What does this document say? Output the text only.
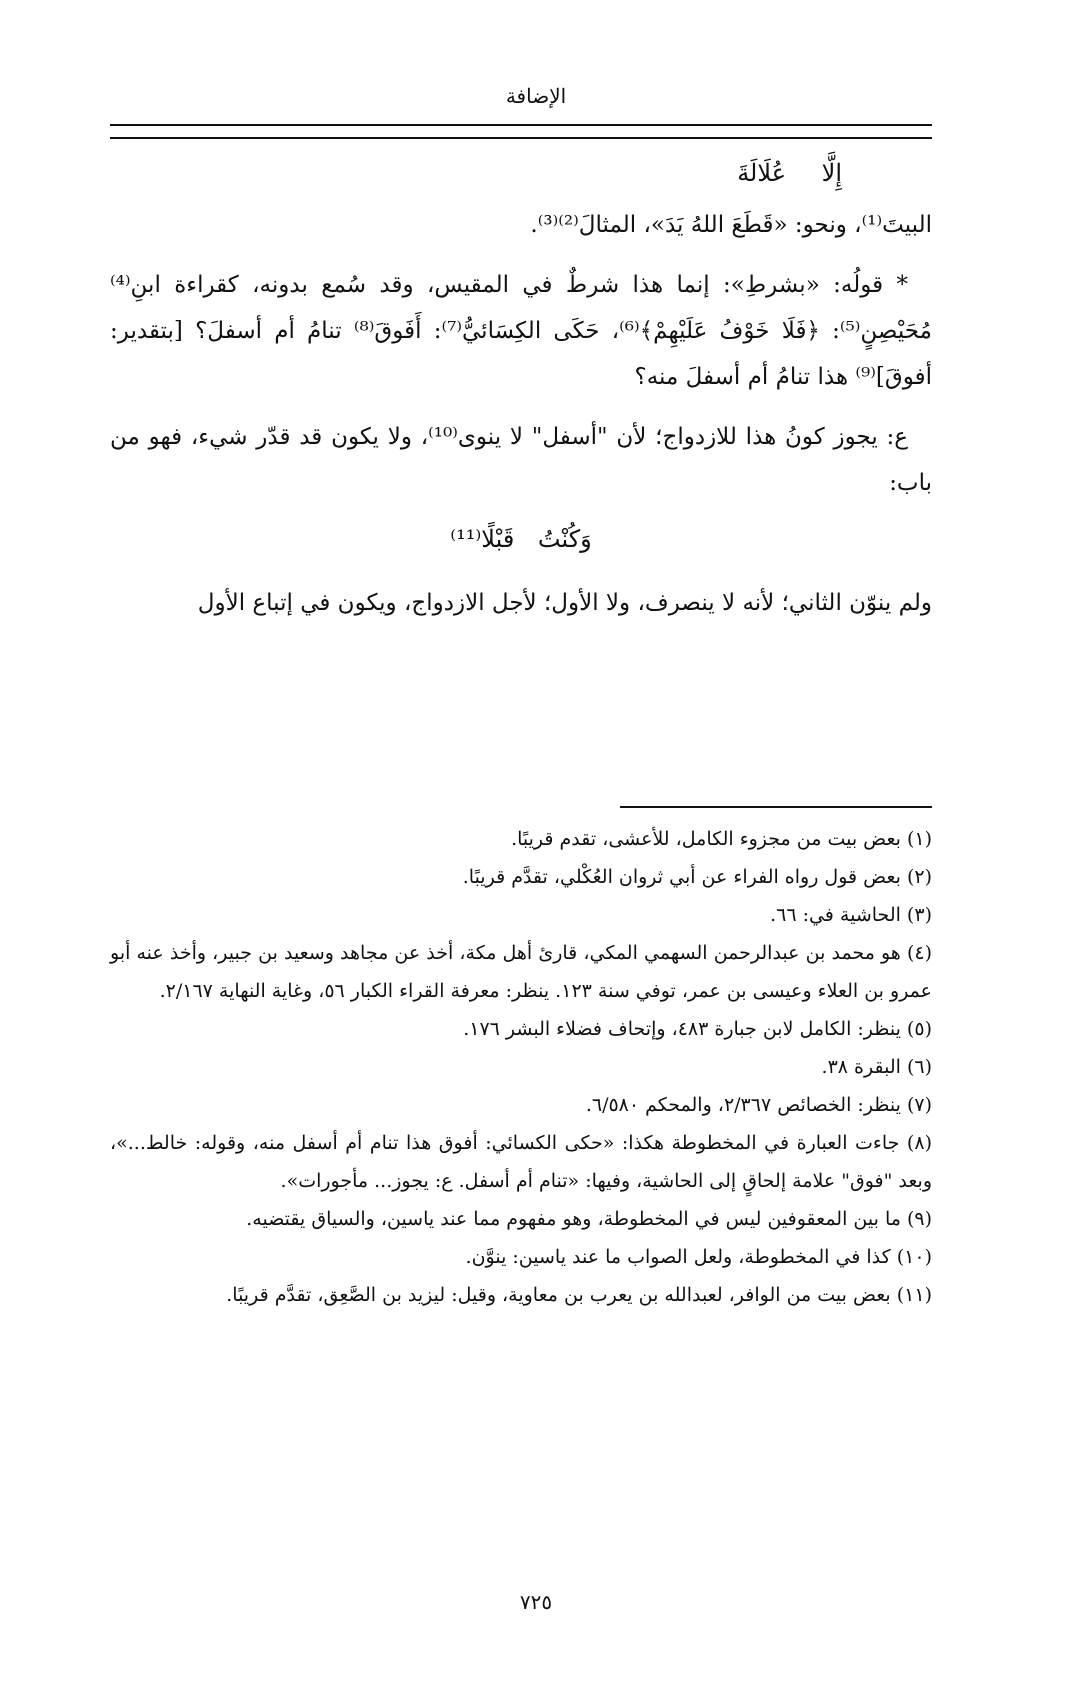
الإضافة

إِلَّا عُلَالَةَ

البيتَ⁽¹⁾، ونحو: «قَطَعَ اللهُ يَدَ»، المثالَ⁽²⁾⁽³⁾.

* قولُه: «بشرطِ»: إنما هذا شرطٌ في المقيس، وقد سُمع بدونه، كقراءة ابنِ⁽⁴⁾ مُحَيْصِنٍ⁽⁵⁾: ﴿فَلَا خَوْفُ عَلَيْهِمْ﴾⁽⁶⁾، حَكَى الكِسَائيُّ⁽⁷⁾: أَفَوقَ⁽⁸⁾ تنامُ أم أسفلَ؟ [بتقدير: أفوقَ]⁽⁹⁾ هذا تنامُ أم أسفلَ منه؟

ع: يجوز كونُ هذا للازدواج؛ لأن "أسفل" لا ينوى⁽¹⁰⁾، ولا يكون قد قدّر شيء، فهو من باب:

وَكُنْتُ قَبْلًا⁽¹¹⁾

ولم ينوّن الثاني؛ لأنه لا ينصرف، ولا الأول؛ لأجل الازدواج، ويكون في إتباع الأول

(١) بعض بيت من مجزوء الكامل، للأعشى، تقدم قريبًا.

(٢) بعض قول رواه الفراء عن أبي ثروان العُكْلي، تقدَّم قريبًا.

(٣) الحاشية في: ٦٦.

(٤) هو محمد بن عبدالرحمن السهمي المكي، قارئ أهل مكة، أخذ عن مجاهد وسعيد بن جبير، وأخذ عنه أبو عمرو بن العلاء وعيسى بن عمر، توفي سنة ١٢٣. ينظر: معرفة القراء الكبار ٥٦، وغاية النهاية ٢/١٦٧.

(٥) ينظر: الكامل لابن جبارة ٤٨٣، وإتحاف فضلاء البشر ١٧٦.

(٦) البقرة ٣٨.

(٧) ينظر: الخصائص ٢/٣٦٧، والمحكم ٦/٥٨٠.

(٨) جاءت العبارة في المخطوطة هكذا: «حكى الكسائي: أفوق هذا تنام أم أسفل منه، وقوله: خالط...»، وبعد "فوق" علامة إلحاقٍ إلى الحاشية، وفيها: «تنام أم أسفل. ع: يجوز... مأجورات».

(٩) ما بين المعقوفين ليس في المخطوطة، وهو مفهوم مما عند ياسين، والسياق يقتضيه.

(١٠) كذا في المخطوطة، ولعل الصواب ما عند ياسين: ينوَّن.

(١١) بعض بيت من الوافر، لعبدالله بن يعرب بن معاوية، وقيل: ليزيد بن الصَّعِق، تقدَّم قريبًا.

٧٢٥
